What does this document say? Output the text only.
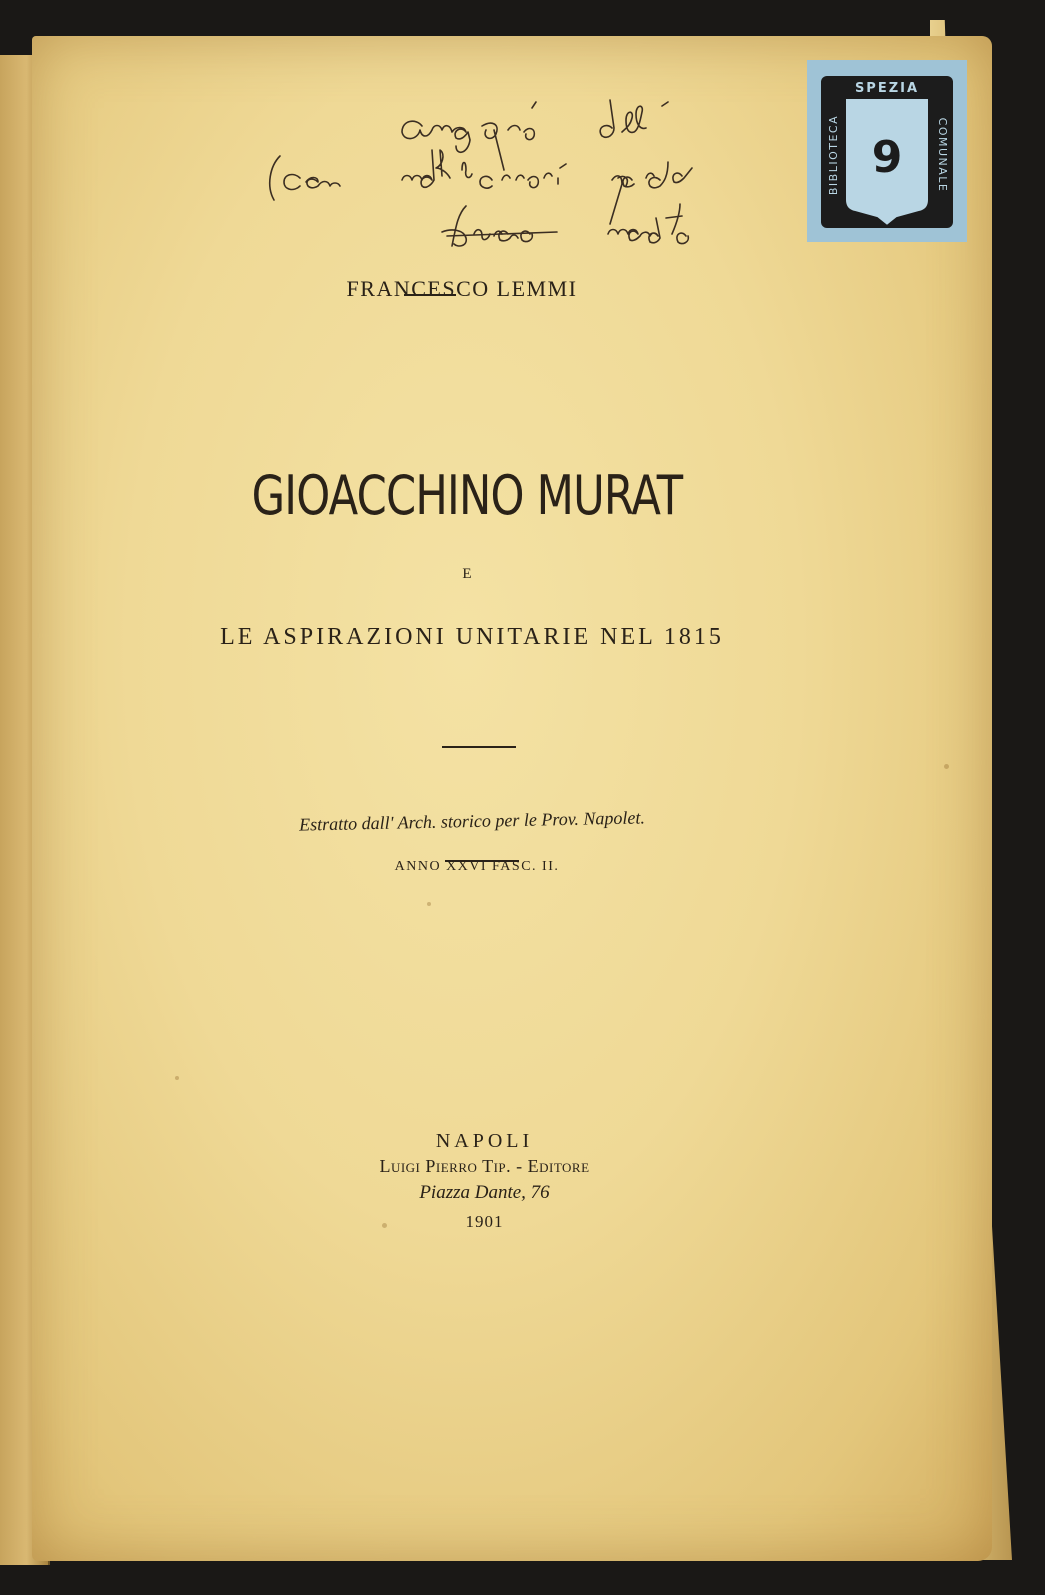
SPEZIA
BIBLIOTECA	COMUNALE
9
FRANCESCO LEMMI
GIOACCHINO MURAT
E
LE ASPIRAZIONI UNITARIE NEL 1815
Estratto dall' Arch. storico per le Prov. Napolet.
ANNO XXVI FASC. II.
NAPOLI
Luigi Pierro Tip. - Editore
Piazza Dante, 76
1901
